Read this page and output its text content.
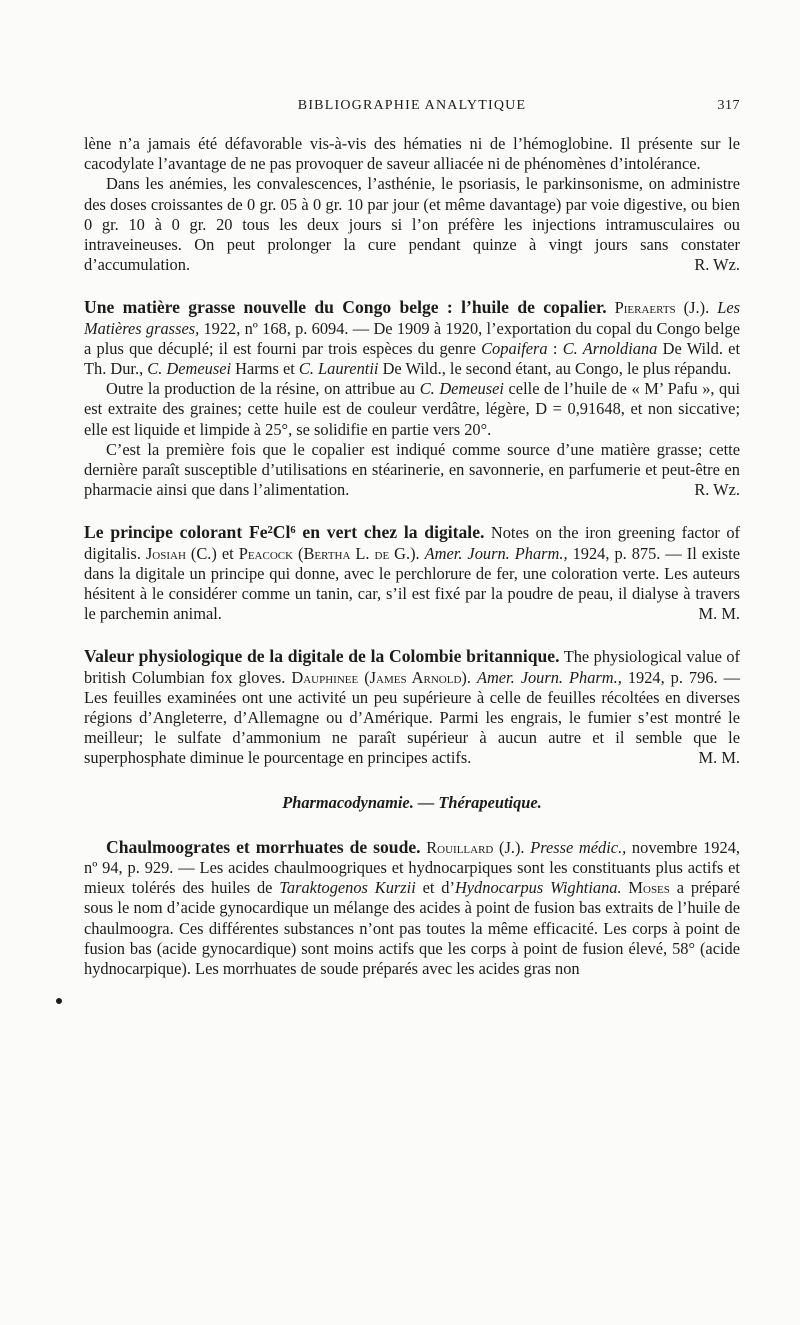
BIBLIOGRAPHIE ANALYTIQUE	317

lène n’a jamais été défavorable vis-à-vis des hématies ni de l’hémoglobine. Il présente sur le cacodylate l’avantage de ne pas provoquer de saveur alliacée ni de phénomènes d’intolérance.

Dans les anémies, les convalescences, l’asthénie, le psoriasis, le parkinsonisme, on administre des doses croissantes de 0 gr. 05 à 0 gr. 10 par jour (et même davantage) par voie digestive, ou bien 0 gr. 10 à 0 gr. 20 tous les deux jours si l’on préfère les injections intramusculaires ou intraveineuses. On peut prolonger la cure pendant quinze à vingt jours sans constater d’accumulation.	R. Wz.

Une matière grasse nouvelle du Congo belge : l’huile de copalier. Pieraerts (J.). Les Matières grasses, 1922, nº 168, p. 6094. — De 1909 à 1920, l’exportation du copal du Congo belge a plus que décuplé; il est fourni par trois espèces du genre Copaifera : C. Arnoldiana De Wild. et Th. Dur., C. Demeusei Harms et C. Laurentii De Wild., le second étant, au Congo, le plus répandu.

Outre la production de la résine, on attribue au C. Demeusei celle de l’huile de « M’ Pafu », qui est extraite des graines; cette huile est de couleur verdâtre, légère, D = 0,91648, et non siccative; elle est liquide et limpide à 25°, se solidifie en partie vers 20°.

C’est la première fois que le copalier est indiqué comme source d’une matière grasse; cette dernière paraît susceptible d’utilisations en stéarinerie, en savonnerie, en parfumerie et peut-être en pharmacie ainsi que dans l’alimentation.	R. Wz.

Le principe colorant Fe²Cl⁶ en vert chez la digitale. Notes on the iron greening factor of digitalis. Josiah (C.) et Peacock (Bertha L. de G.). Amer. Journ. Pharm., 1924, p. 875. — Il existe dans la digitale un principe qui donne, avec le perchlorure de fer, une coloration verte. Les auteurs hésitent à le considérer comme un tanin, car, s’il est fixé par la poudre de peau, il dialyse à travers le parchemin animal.	M. M.

Valeur physiologique de la digitale de la Colombie britannique. The physiological value of british Columbian fox gloves. Dauphinee (James Arnold). Amer. Journ. Pharm., 1924, p. 796. — Les feuilles examinées ont une activité un peu supérieure à celle de feuilles récoltées en diverses régions d’Angleterre, d’Allemagne ou d’Amérique. Parmi les engrais, le fumier s’est montré le meilleur; le sulfate d’ammonium ne paraît supérieur à aucun autre et il semble que le superphosphate diminue le pourcentage en principes actifs.	M. M.

Pharmacodynamie. — Thérapeutique.

Chaulmoogrates et morrhuates de soude. Rouillard (J.). Presse médic., novembre 1924, nº 94, p. 929. — Les acides chaulmoogriques et hydnocarpiques sont les constituants plus actifs et mieux tolérés des huiles de Taraktogenos Kurzii et d’Hydnocarpus Wightiana. Moses a préparé sous le nom d’acide gynocardique un mélange des acides à point de fusion bas extraits de l’huile de chaulmoogra. Ces différentes substances n’ont pas toutes la même efficacité. Les corps à point de fusion bas (acide gynocardique) sont moins actifs que les corps à point de fusion élevé, 58° (acide hydnocarpique). Les morrhuates de soude préparés avec les acides gras non
